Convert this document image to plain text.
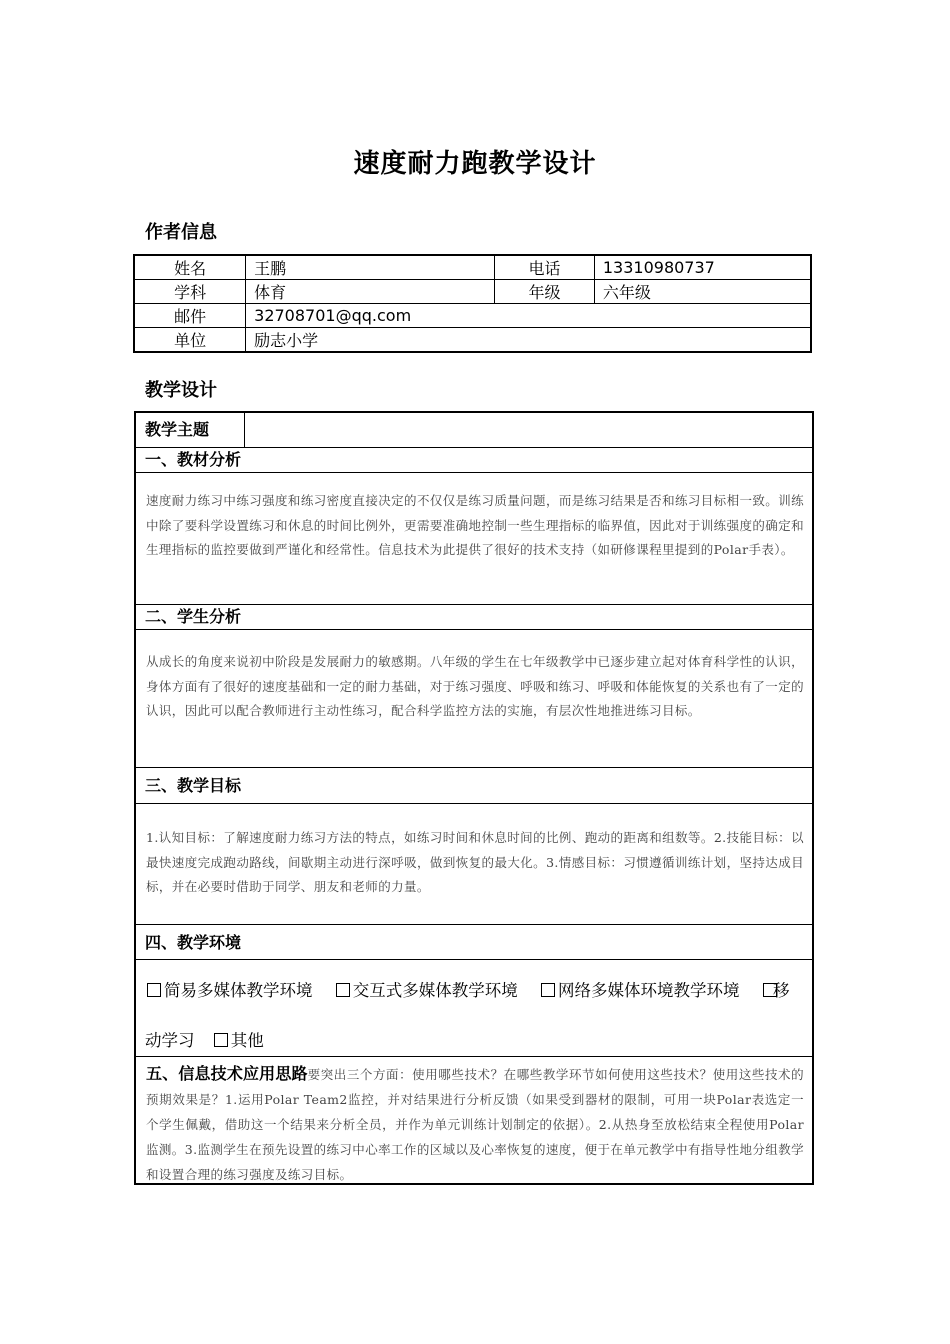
速度耐力跑教学设计
作者信息
姓名	王鹏	电话	13310980737
学科	体育	年级	六年级
邮件	32708701@qq.com		
单位	励志小学		
教学设计
教学主题
一、教材分析
速度耐力练习中练习强度和练习密度直接决定的不仅仅是练习质量问题，而是练习结果是否和练习目标相一致。训练中除了要科学设置练习和休息的时间比例外，更需要准确地控制一些生理指标的临界值，因此对于训练强度的确定和生理指标的监控要做到严谨化和经常性。信息技术为此提供了很好的技术支持（如研修课程里提到的Polar手表）。
二、学生分析
从成长的角度来说初中阶段是发展耐力的敏感期。八年级的学生在七年级教学中已逐步建立起对体育科学性的认识，身体方面有了很好的速度基础和一定的耐力基础，对于练习强度、呼吸和练习、呼吸和体能恢复的关系也有了一定的认识，因此可以配合教师进行主动性练习，配合科学监控方法的实施，有层次性地推进练习目标。
三、教学目标
1.认知目标：了解速度耐力练习方法的特点，如练习时间和休息时间的比例、跑动的距离和组数等。2.技能目标：以最快速度完成跑动路线，间歇期主动进行深呼吸，做到恢复的最大化。3.情感目标：习惯遵循训练计划，坚持达成目标，并在必要时借助于同学、朋友和老师的力量。
四、教学环境
简易多媒体教学环境 交互式多媒体教学环境 网络多媒体环境教学环境	移
动学习 其他
五、信息技术应用思路要突出三个方面：使用哪些技术？在哪些教学环节如何使用这些技术？使用这些技术的预期效果是？1.运用Polar Team2监控，并对结果进行分析反馈（如果受到器材的限制，可用一块Polar表选定一个学生佩戴，借助这一个结果来分析全员，并作为单元训练计划制定的依据）。2.从热身至放松结束全程使用Polar监测。3.监测学生在预先设置的练习中心率工作的区域以及心率恢复的速度，便于在单元教学中有指导性地分组教学和设置合理的练习强度及练习目标。
